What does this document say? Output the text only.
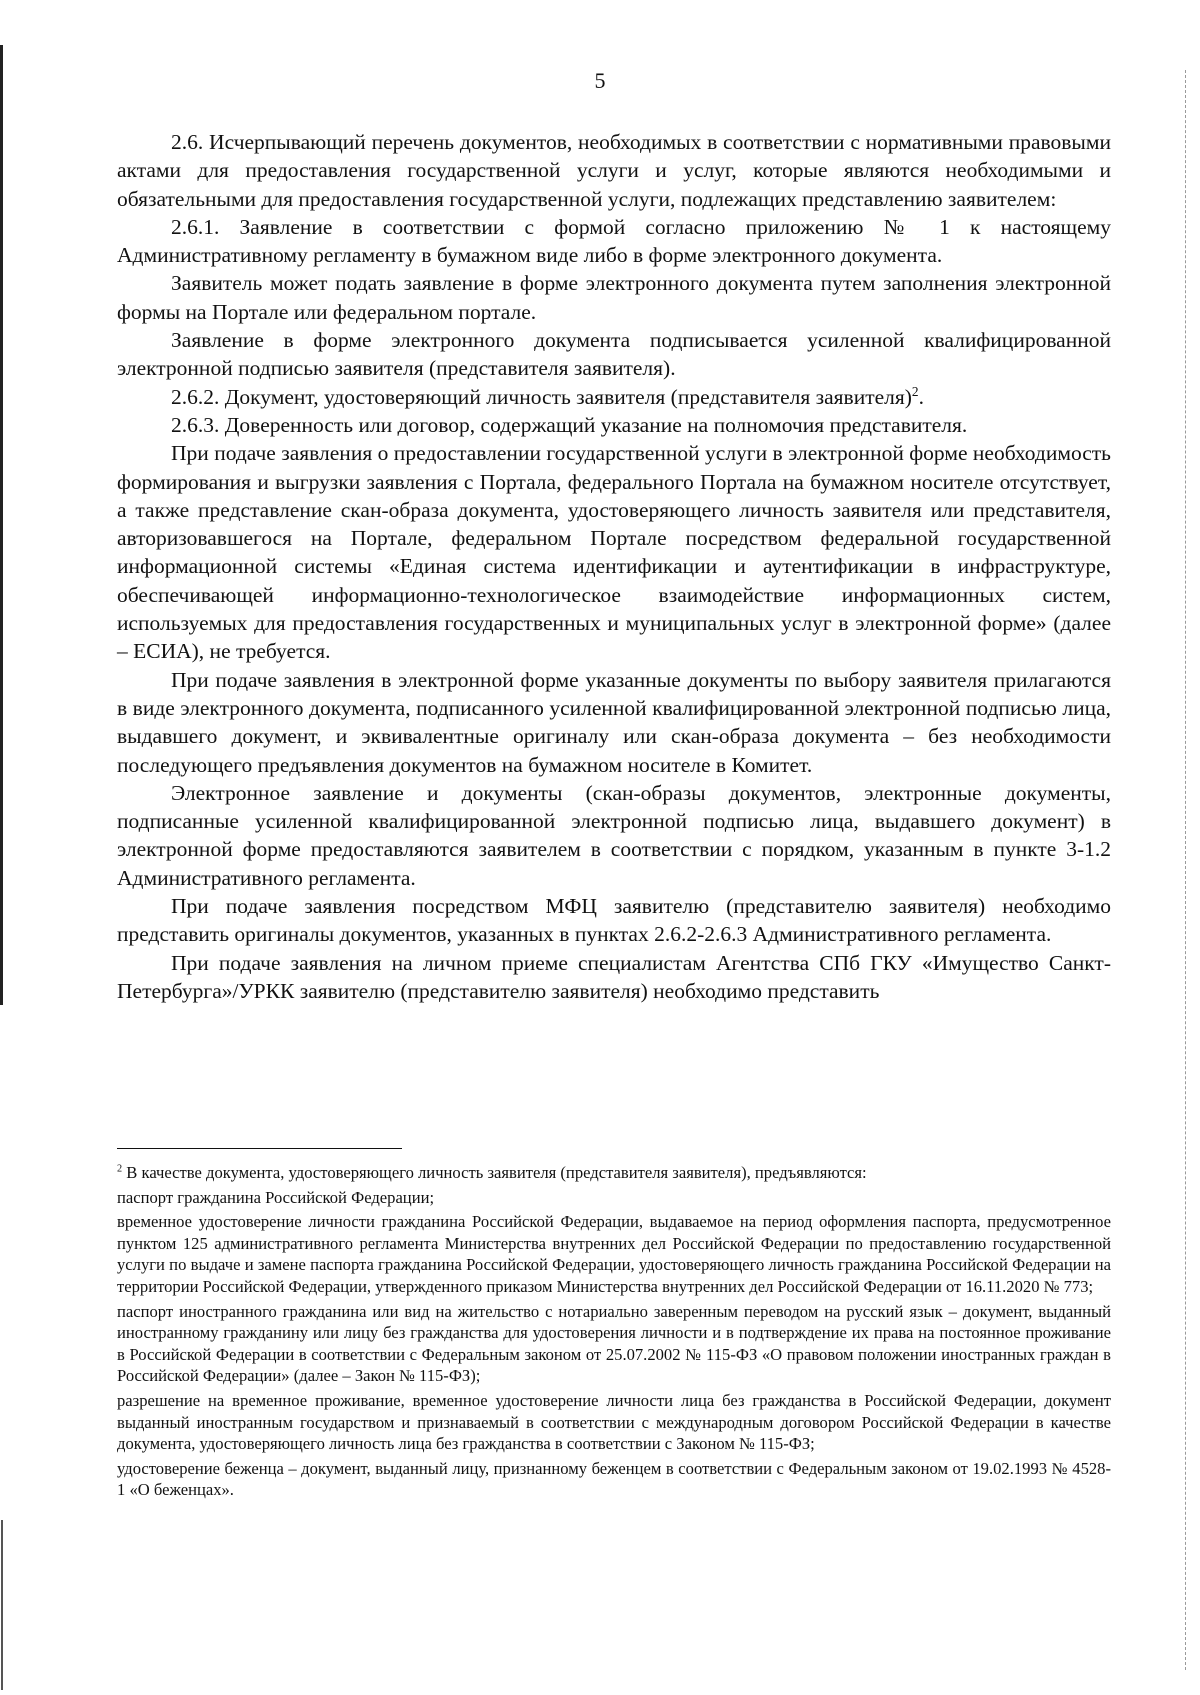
5

2.6. Исчерпывающий перечень документов, необходимых в соответствии с нормативными правовыми актами для предоставления государственной услуги и услуг, которые являются необходимыми и обязательными для предоставления государственной услуги, подлежащих представлению заявителем:

2.6.1. Заявление в соответствии с формой согласно приложению № 1 к настоящему Административному регламенту в бумажном виде либо в форме электронного документа.

Заявитель может подать заявление в форме электронного документа путем заполнения электронной формы на Портале или федеральном портале.

Заявление в форме электронного документа подписывается усиленной квалифицированной электронной подписью заявителя (представителя заявителя).

2.6.2. Документ, удостоверяющий личность заявителя (представителя заявителя)$^2$.

2.6.3. Доверенность или договор, содержащий указание на полномочия представителя.

При подаче заявления о предоставлении государственной услуги в электронной форме необходимость формирования и выгрузки заявления с Портала, федерального Портала на бумажном носителе отсутствует, а также представление скан-образа документа, удостоверяющего личность заявителя или представителя, авторизовавшегося на Портале, федеральном Портале посредством федеральной государственной информационной системы «Единая система идентификации и аутентификации в инфраструктуре, обеспечивающей информационно-технологическое взаимодействие информационных систем, используемых для предоставления государственных и муниципальных услуг в электронной форме» (далее – ЕСИА), не требуется.

При подаче заявления в электронной форме указанные документы по выбору заявителя прилагаются в виде электронного документа, подписанного усиленной квалифицированной электронной подписью лица, выдавшего документ, и эквивалентные оригиналу или скан-образа документа – без необходимости последующего предъявления документов на бумажном носителе в Комитет.

Электронное заявление и документы (скан-образы документов, электронные документы, подписанные усиленной квалифицированной электронной подписью лица, выдавшего документ) в электронной форме предоставляются заявителем в соответствии с порядком, указанным в пункте 3-1.2 Административного регламента.

При подаче заявления посредством МФЦ заявителю (представителю заявителя) необходимо представить оригиналы документов, указанных в пунктах 2.6.2-2.6.3 Административного регламента.

При подаче заявления на личном приеме специалистам Агентства СПб ГКУ «Имущество Санкт-Петербурга»/УРКК заявителю (представителю заявителя) необходимо представить

$^2$ В качестве документа, удостоверяющего личность заявителя (представителя заявителя), предъявляются:

паспорт гражданина Российской Федерации;

временное удостоверение личности гражданина Российской Федерации, выдаваемое на период оформления паспорта, предусмотренное пунктом 125 административного регламента Министерства внутренних дел Российской Федерации по предоставлению государственной услуги по выдаче и замене паспорта гражданина Российской Федерации, удостоверяющего личность гражданина Российской Федерации на территории Российской Федерации, утвержденного приказом Министерства внутренних дел Российской Федерации от 16.11.2020 № 773;

паспорт иностранного гражданина или вид на жительство с нотариально заверенным переводом на русский язык – документ, выданный иностранному гражданину или лицу без гражданства для удостоверения личности и в подтверждение их права на постоянное проживание в Российской Федерации в соответствии с Федеральным законом от 25.07.2002 № 115-ФЗ «О правовом положении иностранных граждан в Российской Федерации» (далее – Закон № 115-ФЗ);

разрешение на временное проживание, временное удостоверение личности лица без гражданства в Российской Федерации, документ выданный иностранным государством и признаваемый в соответствии с международным договором Российской Федерации в качестве документа, удостоверяющего личность лица без гражданства в соответствии с Законом № 115-ФЗ;

удостоверение беженца – документ, выданный лицу, признанному беженцем в соответствии с Федеральным законом от 19.02.1993 № 4528-1 «О беженцах».
